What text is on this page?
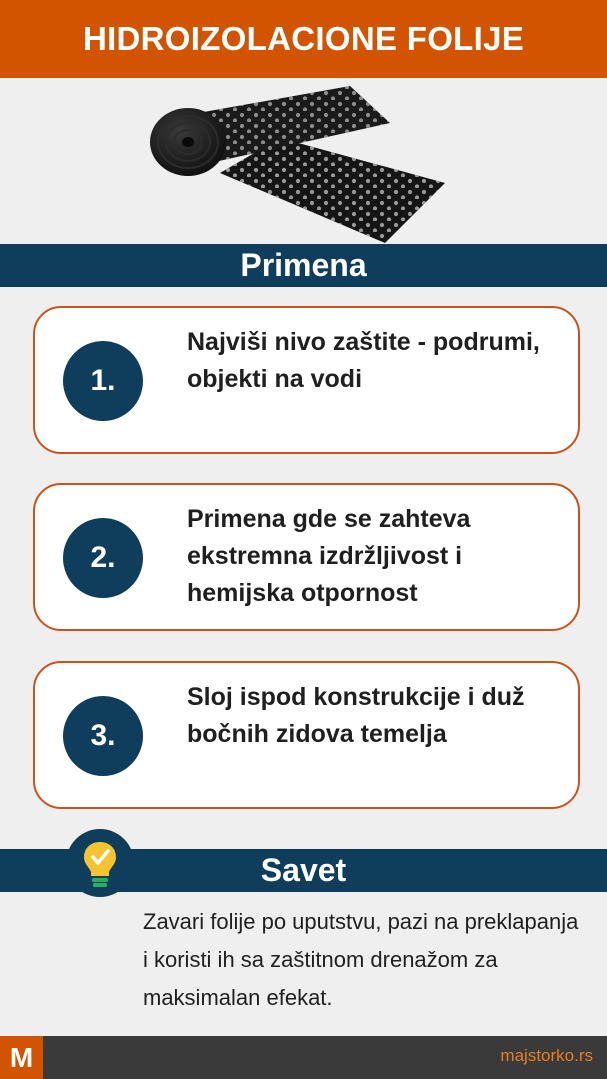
HIDROIZOLACIONE FOLIJE
Primena
1.
Najviši nivo zaštite - podrumi, objekti na vodi
2.
Primena gde se zahteva ekstremna izdržljivost i hemijska otpornost
3.
Sloj ispod konstrukcije i duž bočnih zidova temelja
Savet
Zavari folije po uputstvu, pazi na preklapanja i koristi ih sa zaštitnom drenažom za maksimalan efekat.
M	majstorko.rs
